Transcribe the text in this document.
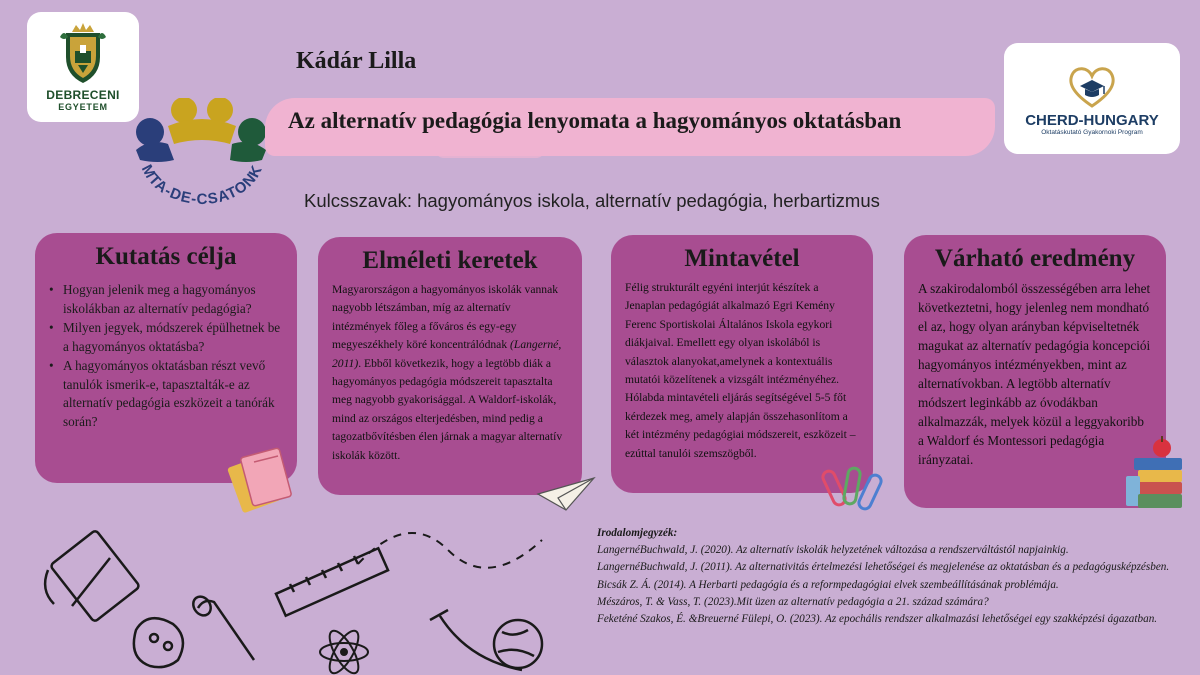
DEBRECENI
EGYETEM
CHERD-HUNGARY
Oktatáskutató Gyakornoki Program
MTA-DE-CSATONK
Kádár Lilla
Az alternatív pedagógia lenyomata a hagyományos oktatásban
Kulcsszavak: hagyományos iskola, alternatív pedagógia, herbartizmus
Kutatás célja
• Hogyan jelenik meg a hagyományos iskolákban az alternatív pedagógia?
• Milyen jegyek, módszerek épülhetnek be a hagyományos oktatásba?
• A hagyományos oktatásban részt vevő tanulók ismerik-e, tapasztalták-e az alternatív pedagógia eszközeit a tanórák során?
Elméleti keretek
Magyarországon a hagyományos iskolák vannak nagyobb létszámban, míg az alternatív intézmények főleg a főváros és egy-egy megyeszékhely köré koncentrálódnak (Langerné, 2011). Ebből következik, hogy a legtöbb diák a hagyományos pedagógia módszereit tapasztalta meg nagyobb gyakorisággal. A Waldorf-iskolák, mind az országos elterjedésben, mind pedig a tagozatbővítésben élen járnak a magyar alternatív iskolák között.
Mintavétel
Félig strukturált egyéni interjút készítek a Jenaplan pedagógiát alkalmazó Egri Kemény Ferenc Sportiskolai Általános Iskola egykori diákjaival. Emellett egy olyan iskolából is választok alanyokat,amelynek a kontextuális mutatói közelítenek a vizsgált intézményéhez. Hólabda mintavételi eljárás segítségével 5-5 főt kérdezek meg, amely alapján összehasonlítom a két intézmény pedagógiai módszereit, eszközeit – ezúttal tanulói szemszögből.
Várható eredmény
A szakirodalomból összességében arra lehet következtetni, hogy jelenleg nem mondható el az, hogy olyan arányban képviseltetnék magukat az alternatív pedagógia koncepciói hagyományos intézményekben, mint az alternatívokban. A legtöbb alternatív módszert leginkább az óvodákban alkalmazzák, melyek közül a leggyakoribb a Waldorf és Montessori pedagógia irányzatai.
Irodalomjegyzék:
LangernéBuchwald, J. (2020). Az alternatív iskolák helyzetének változása a rendszerváltástól napjainkig.
LangernéBuchwald, J. (2011). Az alternativitás értelmezési lehetőségei és megjelenése az oktatásban és a pedagógusképzésben.
Bicsák Z. Á. (2014). A Herbarti pedagógia és a reformpedagógiai elvek szembeállításának problémája.
Mészáros, T. & Vass, T. (2023).Mit üzen az alternatív pedagógia a 21. század számára?
Feketéné Szakos, É. &Breuerné Fülepi, O. (2023). Az epochális rendszer alkalmazási lehetőségei egy szakképzési ágazatban.
